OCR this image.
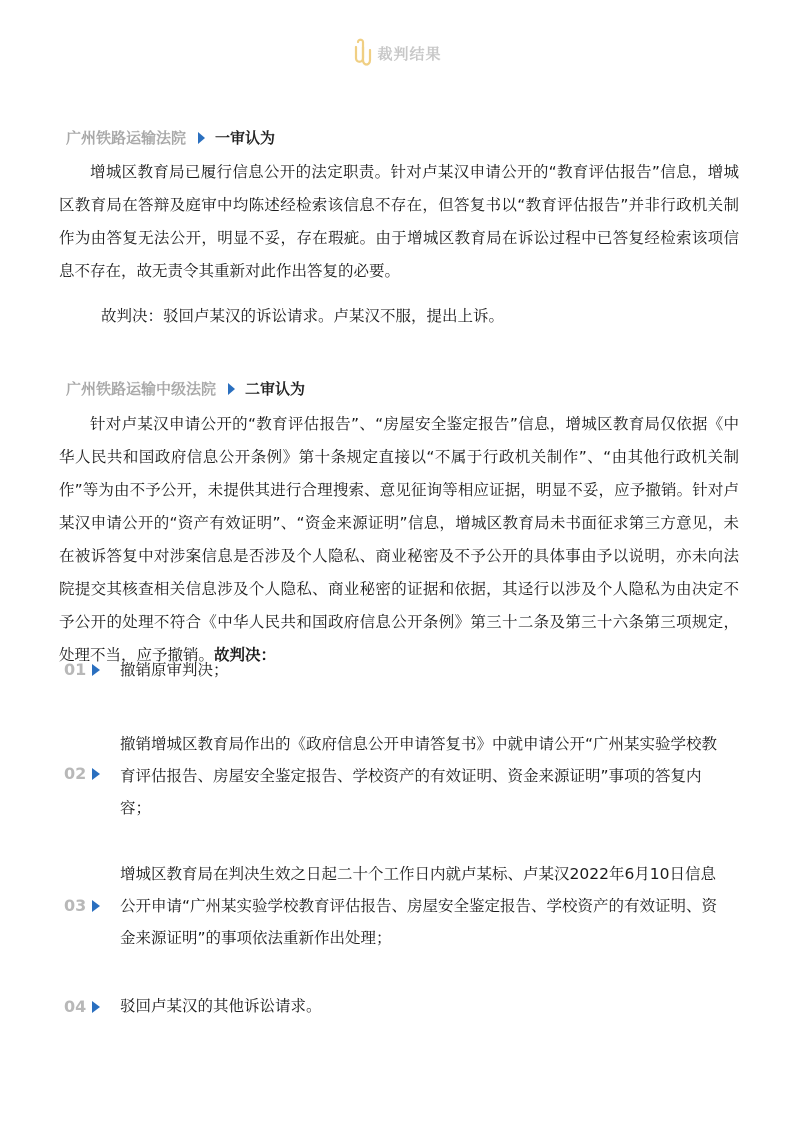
裁判结果
广州铁路运输法院 一审认为

增城区教育局已履行信息公开的法定职责。针对卢某汉申请公开的“教育评估报告”信息，增城区教育局在答辩及庭审中均陈述经检索该信息不存在，但答复书以“教育评估报告”并非行政机关制作为由答复无法公开，明显不妥，存在瑕疵。由于增城区教育局在诉讼过程中已答复经检索该项信息不存在，故无责令其重新对此作出答复的必要。

故判决：驳回卢某汉的诉讼请求。卢某汉不服，提出上诉。
广州铁路运输中级法院 二审认为

针对卢某汉申请公开的“教育评估报告”、“房屋安全鉴定报告”信息，增城区教育局仅依据《中华人民共和国政府信息公开条例》第十条规定直接以“不属于行政机关制作”、“由其他行政机关制作”等为由不予公开，未提供其进行合理搜索、意见征询等相应证据，明显不妥，应予撤销。针对卢某汉申请公开的“资产有效证明”、“资金来源证明”信息，增城区教育局未书面征求第三方意见，未在被诉答复中对涉案信息是否涉及个人隐私、商业秘密及不予公开的具体事由予以说明，亦未向法院提交其核查相关信息涉及个人隐私、商业秘密的证据和依据，其迳行以涉及个人隐私为由决定不予公开的处理不符合《中华人民共和国政府信息公开条例》第三十二条及第三十六条第三项规定，处理不当，应予撤销。故判决：

01 撤销原审判决；
02
撤销增城区教育局作出的《政府信息公开申请答复书》中就申请公开“广州某实验学校教育评估报告、房屋安全鉴定报告、学校资产的有效证明、资金来源证明”事项的答复内容；
03
增城区教育局在判决生效之日起二十个工作日内就卢某标、卢某汉2022年6月10日信息公开申请“广州某实验学校教育评估报告、房屋安全鉴定报告、学校资产的有效证明、资金来源证明”的事项依法重新作出处理；
04 驳回卢某汉的其他诉讼请求。
